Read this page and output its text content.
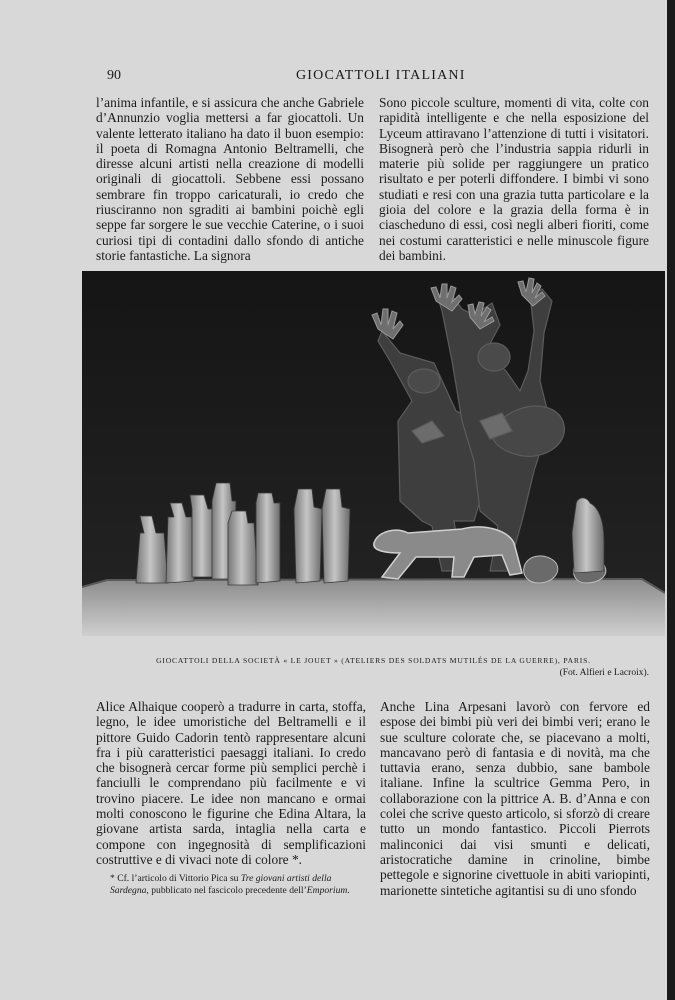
90	GIOCATTOLI ITALIANI

l’anima infantile, e si assicura che anche Gabriele d’Annunzio voglia mettersi a far giocattoli. Un valente letterato italiano ha dato il buon esempio: il poeta di Romagna Antonio Beltramelli, che diresse alcuni artisti nella creazione di modelli originali di giocattoli. Sebbene essi possano sembrare fin troppo caricaturali, io credo che riusciranno non sgraditi ai bambini poichè egli seppe far sorgere le sue vecchie Caterine, o i suoi curiosi tipi di contadini dallo sfondo di antiche storie fantastiche. La signora

Sono piccole sculture, momenti di vita, colte con rapidità intelligente e che nella esposizione del Lyceum attiravano l’attenzione di tutti i visitatori. Bisognerà però che l’industria sappia ridurli in materie più solide per raggiungere un pratico risultato e per poterli diffondere. I bimbi vi sono studiati e resi con una grazia tutta particolare e la gioia del colore e la grazia della forma è in ciascheduno di essi, così negli alberi fioriti, come nei costumi caratteristici e nelle minuscole figure dei bambini.

GIOCATTOLI DELLA SOCIETÀ « LE JOUET » (ATELIERS DES SOLDATS MUTILÉS DE LA GUERRE), PARIS.
(Fot. Alfieri e Lacroix).

Alice Alhaique cooperò a tradurre in carta, stoffa, legno, le idee umoristiche del Beltramelli e il pittore Guido Cadorin tentò rappresentare alcuni fra i più caratteristici paesaggi italiani. Io credo che bisognerà cercar forme più semplici perchè i fanciulli le comprendano più facilmente e vi trovino piacere. Le idee non mancano e ormai molti conoscono le figurine che Edina Altara, la giovane artista sarda, intaglia nella carta e compone con ingegnosità di semplificazioni costruttive e di vivaci note di colore *.

* Cf. l’articolo di Vittorio Pica su Tre giovani artisti della Sardegna, pubblicato nel fascicolo precedente dell’Emporium.

Anche Lina Arpesani lavorò con fervore ed espose dei bimbi più veri dei bimbi veri; erano le sue sculture colorate che, se piacevano a molti, mancavano però di fantasia e di novità, ma che tuttavia erano, senza dubbio, sane bambole italiane. Infine la scultrice Gemma Pero, in collaborazione con la pittrice A. B. d’Anna e con colei che scrive questo articolo, si sforzò di creare tutto un mondo fantastico. Piccoli Pierrots malinconici dai visi smunti e delicati, aristocratiche damine in crinoline, bimbe pettegole e signorine civettuole in abiti variopinti, marionette sintetiche agitantisi su di uno sfondo
